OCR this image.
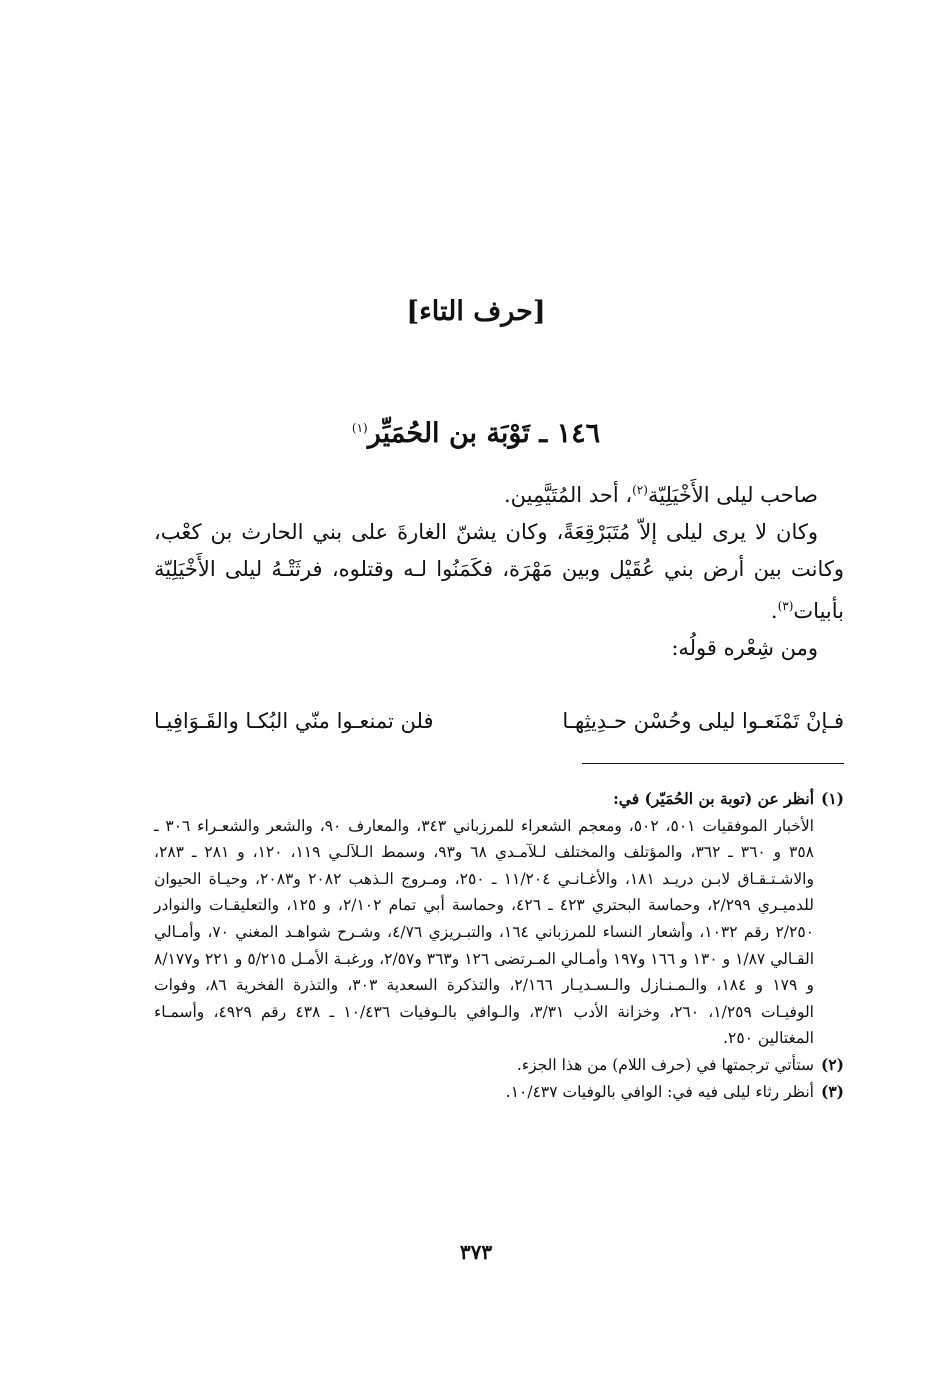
[حرف التاء]
١٤٦ ـ تَوْبَة بن الحُمَيِّر$^{(١)}$

صاحب ليلى الأَخْيَلِيّة$^{(٢)}$، أحد المُتَيَّمِين.

وكان لا يرى ليلى إلاّ مُتَبَرْقِعَةً، وكان يشنّ الغارةَ على بني الحارث بن كعْب، وكانت بين أرض بني عُقَيْل وبين مَهْرَة، فكَمَنُوا لـه وقتلوه، فرثَتْـهُ ليلى الأَخْيَلِيّة بأبيات$^{(٣)}$.

ومن شِعْره قولُه:

فـإنْ تَمْنَعـوا ليلى وحُسْن حـدِيثِهـا
فلن تمنعـوا منّي البُكـا والقَـوَافِيـا
(١)
أنظر عن (توبة بن الحُمَيّر) في:
الأخبار الموفقيات ٥٠١، ٥٠٢، ومعجم الشعراء للمرزباني ٣٤٣، والمعارف ٩٠، والشعر والشعـراء ٣٠٦ ـ ٣٥٨ و ٣٦٠ ـ ٣٦٢، والمؤتلف والمختلف لـلآمـدي ٦٨ و٩٣، وسمط الـلآلـي ١١٩، ١٢٠، و ٢٨١ ـ ٢٨٣، والاشـتـقـاق لابـن دريـد ١٨١، والأغـانـي ١١/٢٠٤ ـ ٢٥٠، ومـروج الـذهب ٢٠٨٢ و٢٠٨٣، وحيـاة الحيوان للدميـري ٢/٢٩٩، وحماسة البحتري ٤٢٣ ـ ٤٢٦، وحماسة أبي تمام ٢/١٠٢، و ١٢٥، والتعليقـات والنوادر ٢/٢٥٠ رقم ١٠٣٢، وأشعار النساء للمرزباني ١٦٤، والتبـريزي ٤/٧٦، وشـرح شواهـد المغني ٧٠، وأمـالي القـالي ١/٨٧ و ١٣٠ و ١٦٦ و١٩٧ وأمـالي المـرتضى ١٢٦ و٣٦٣ و٢/٥٧، ورغبـة الأمـل ٥/٢١٥ و ٢٢١ و٨/١٧٧ و ١٧٩ و ١٨٤، والـمـنـازل والـسـديـار ٢/١٦٦، والتذكرة السعدية ٣٠٣، والتذرة الفخرية ٨٦، وفوات الوفيـات ١/٢٥٩، ٢٦٠، وخزانة الأدب ٣/٣١، والـوافي بالـوفيات ١٠/٤٣٦ ـ ٤٣٨ رقم ٤٩٢٩، وأسمـاء المغتالين ٢٥٠.
(٢)
ستأتي ترجمتها في (حرف اللام) من هذا الجزء.
(٣)
أنظر رثاء ليلى فيه في: الوافي بالوفيات ١٠/٤٣٧.
٣٧٣
